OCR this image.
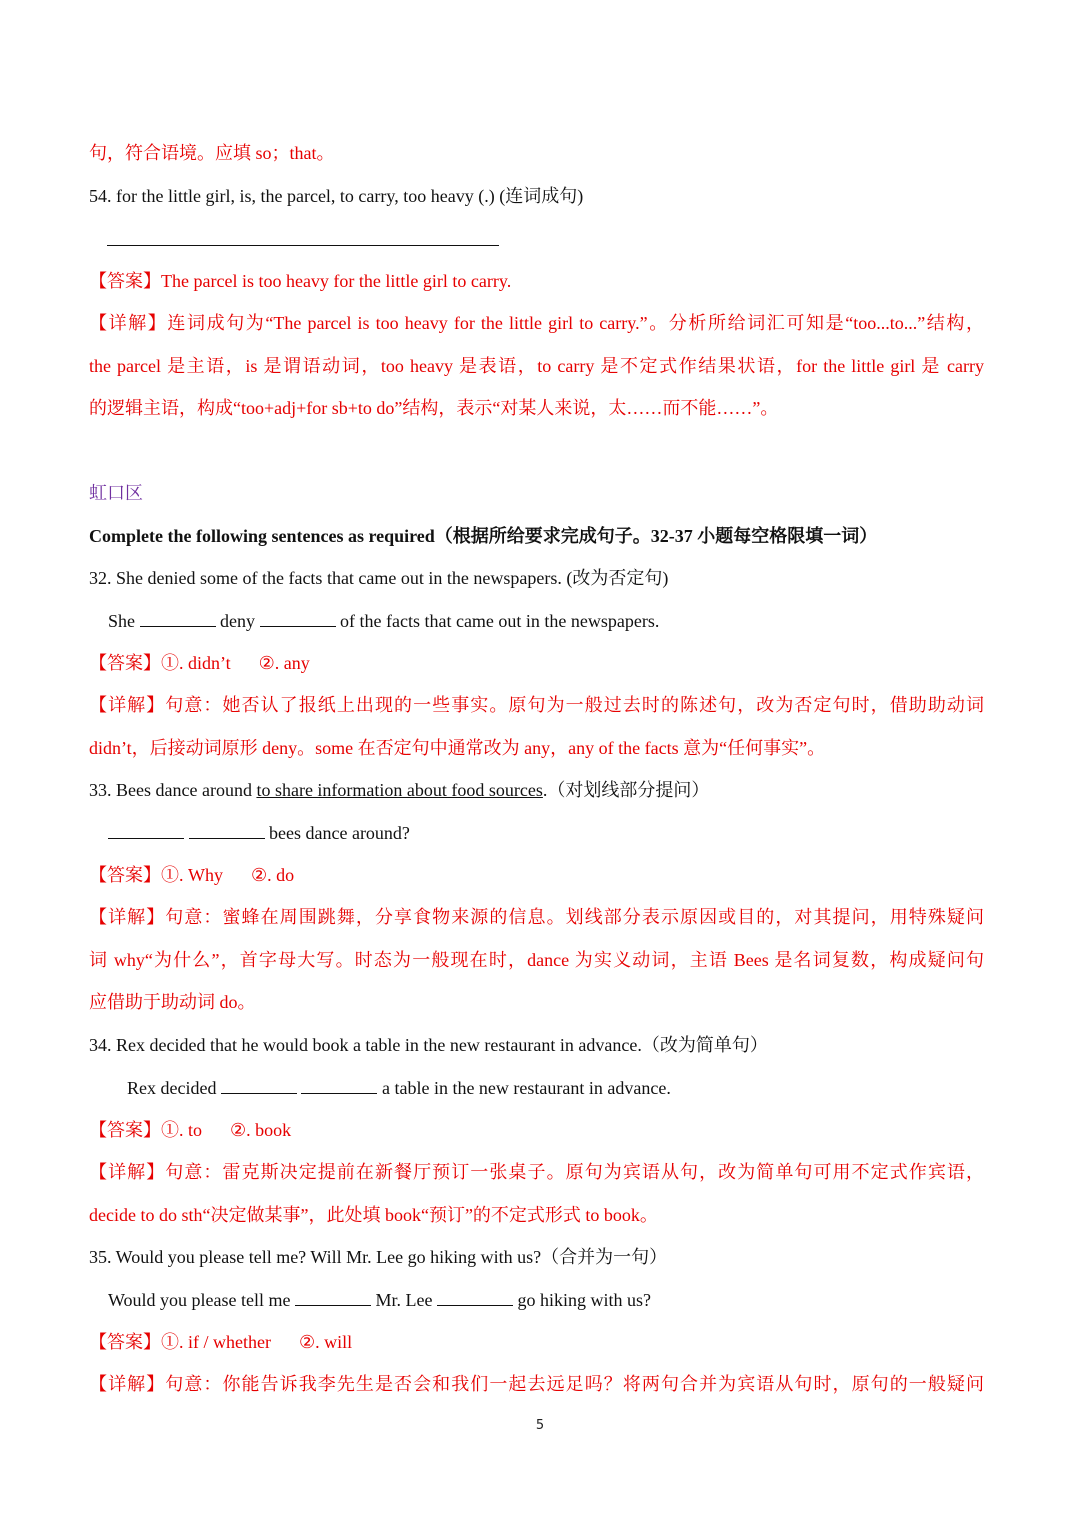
句，符合语境。应填 so；that。
54. for the little girl, is, the parcel, to carry, too heavy (.) (连词成句)
【答案】The parcel is too heavy for the little girl to carry.
【详解】连词成句为“The parcel is too heavy for the little girl to carry.”。分析所给词汇可知是“too...to...”结构，
the parcel 是主语，is 是谓语动词，too heavy 是表语，to carry 是不定式作结果状语，for the little girl 是 carry
的逻辑主语，构成“too+adj+for sb+to do”结构，表示“对某人来说，太……而不能……”。
虹口区
Complete the following sentences as required（根据所给要求完成句子。32-37 小题每空格限填一词）
32. She denied some of the facts that came out in the newspapers. (改为否定句)
She	deny	of the facts that came out in the newspapers.
【答案】①. didn’t ②. any
【详解】句意：她否认了报纸上出现的一些事实。原句为一般过去时的陈述句，改为否定句时，借助助动词
didn’t，后接动词原形 deny。some 在否定句中通常改为 any，any of the facts 意为“任何事实”。
33. Bees dance around to share information about food sources.（对划线部分提问）
bees dance around?
【答案】①. Why ②. do
【详解】句意：蜜蜂在周围跳舞，分享食物来源的信息。划线部分表示原因或目的，对其提问，用特殊疑问
词 why“为什么”，首字母大写。时态为一般现在时，dance 为实义动词，主语 Bees 是名词复数，构成疑问句
应借助于助动词 do。
34. Rex decided that he would book a table in the new restaurant in advance.（改为简单句）
Rex decided	a table in the new restaurant in advance.
【答案】①. to ②. book
【详解】句意：雷克斯决定提前在新餐厅预订一张桌子。原句为宾语从句，改为简单句可用不定式作宾语，
decide to do sth“决定做某事”，此处填 book“预订”的不定式形式 to book。
35. Would you please tell me? Will Mr. Lee go hiking with us?（合并为一句）
Would you please tell me	Mr. Lee	go hiking with us?
【答案】①. if / whether ②. will
【详解】句意：你能告诉我李先生是否会和我们一起去远足吗？将两句合并为宾语从句时，原句的一般疑问
5
